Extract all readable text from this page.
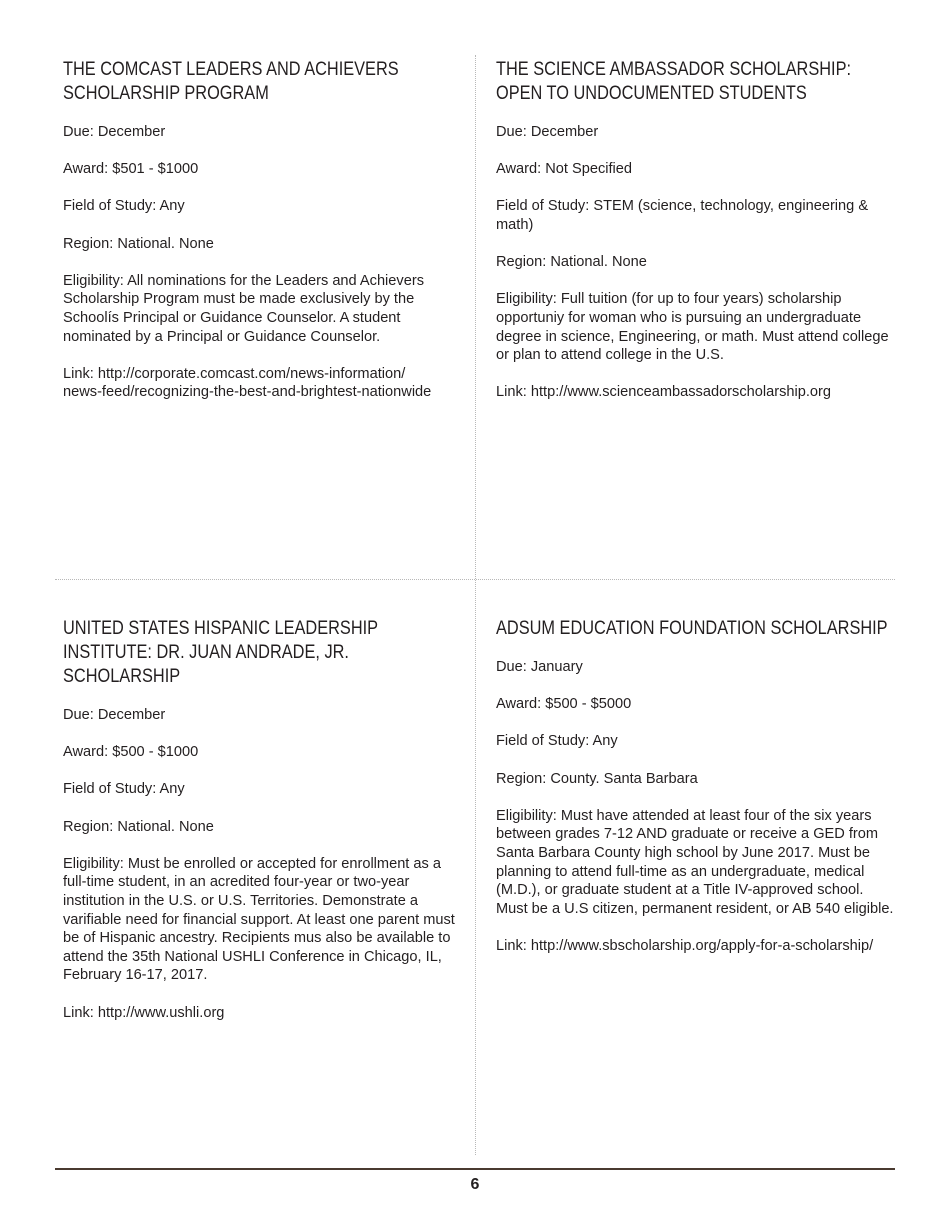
THE COMCAST LEADERS AND ACHIEVERS SCHOLARSHIP PROGRAM

Due: December

Award: $501 - $1000

Field of Study: Any

Region: National. None

Eligibility: All nominations for the Leaders and Achievers Scholarship Program must be made exclusively by the Schoolís Principal or Guidance Counselor. A student nominated by a Principal or Guidance Counselor.

Link: http://corporate.comcast.com/news-information/
news-feed/recognizing-the-best-and-brightest-nationwide

THE SCIENCE AMBASSADOR SCHOLARSHIP: OPEN TO UNDOCUMENTED STUDENTS

Due: December

Award: Not Specified

Field of Study: STEM (science, technology, engineering & math)

Region: National. None

Eligibility: Full tuition (for up to four years) scholarship opportuniy for woman who is pursuing an undergraduate degree in science, Engineering, or math. Must attend college or plan to attend college in the U.S.

Link: http://www.scienceambassadorscholarship.org

UNITED STATES HISPANIC LEADERSHIP INSTITUTE: DR. JUAN ANDRADE, JR. SCHOLARSHIP

Due: December

Award: $500 - $1000

Field of Study: Any

Region: National. None

Eligibility: Must be enrolled or accepted for enrollment as a full-time student, in an acredited four-year or two-year institution in the U.S. or U.S. Territories. Demonstrate a varifiable need for financial support. At least one parent must be of Hispanic ancestry. Recipients mus also be available to attend the 35th National USHLI Conference in Chicago, IL, February 16-17, 2017.

Link: http://www.ushli.org

ADSUM EDUCATION FOUNDATION SCHOLARSHIP

Due: January

Award: $500 - $5000

Field of Study: Any

Region: County. Santa Barbara

Eligibility: Must have attended at least four of the six years between grades 7-12 AND graduate or receive a GED from Santa Barbara County high school by June 2017. Must be planning to attend full-time as an undergraduate, medical (M.D.), or graduate student at a Title IV-approved school. Must be a U.S citizen, permanent resident, or AB 540 eligible.

Link: http://www.sbscholarship.org/apply-for-a-scholarship/

6
